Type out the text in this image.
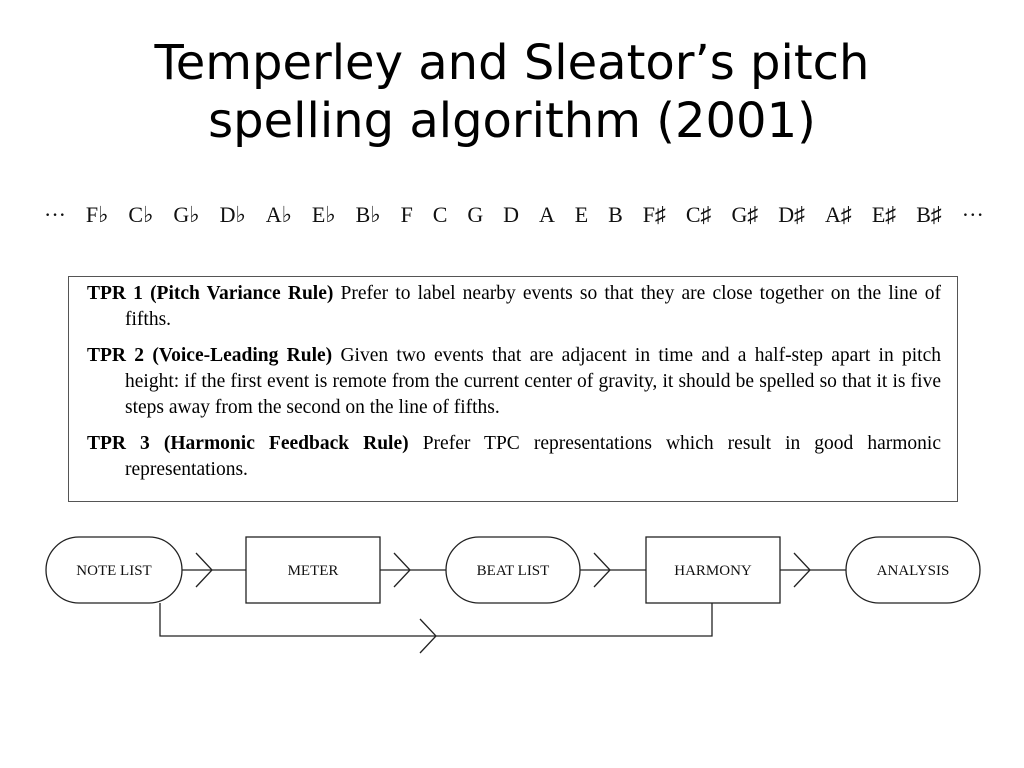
Temperley and Sleator’s pitch
spelling algorithm (2001)
··· F♭ C♭ G♭ D♭ A♭ E♭ B♭ F C G D A E B F♯ C♯ G♯ D♯ A♯ E♯ B♯ ···
TPR 1 (Pitch Variance Rule) Prefer to label nearby events so that they are close together on the line of fifths.
TPR 2 (Voice-Leading Rule) Given two events that are adjacent in time and a half-step apart in pitch height: if the first event is remote from the current center of gravity, it should be spelled so that it is five steps away from the second on the line of fifths.
TPR 3 (Harmonic Feedback Rule) Prefer TPC representations which result in good harmonic representations.
NOTE LIST	METER	BEAT LIST	HARMONY	ANALYSIS
